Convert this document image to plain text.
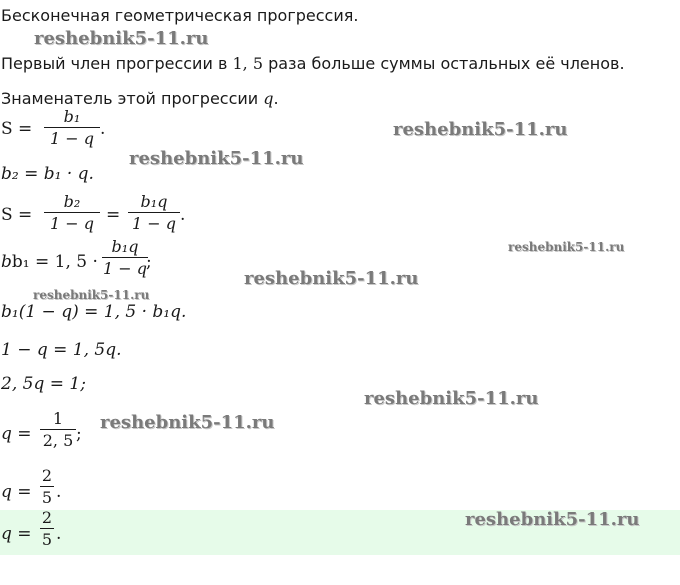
Бесконечная геометрическая прогрессия.
Первый член прогрессии в 1, 5 раза больше суммы остальных её членов.
Знаменатель этой прогрессии q.
S =
b₁
1 − q .
b₂ = b₁ · q.
S =
b₂
1 − q =
b₁q
1 − q .
bb₁ = 1, 5 ·
b₁q
1 − q ;
b₁(1 − q) = 1, 5 · b₁q.
1 − q = 1, 5q.
2, 5q = 1;
q =
1
2, 5 ;
q =
2
5 .
q =
2
5 .
reshebnik5-11.ru
reshebnik5-11.ru
reshebnik5-11.ru
reshebnik5-11.ru
reshebnik5-11.ru
reshebnik5-11.ru
reshebnik5-11.ru
reshebnik5-11.ru
reshebnik5-11.ru
